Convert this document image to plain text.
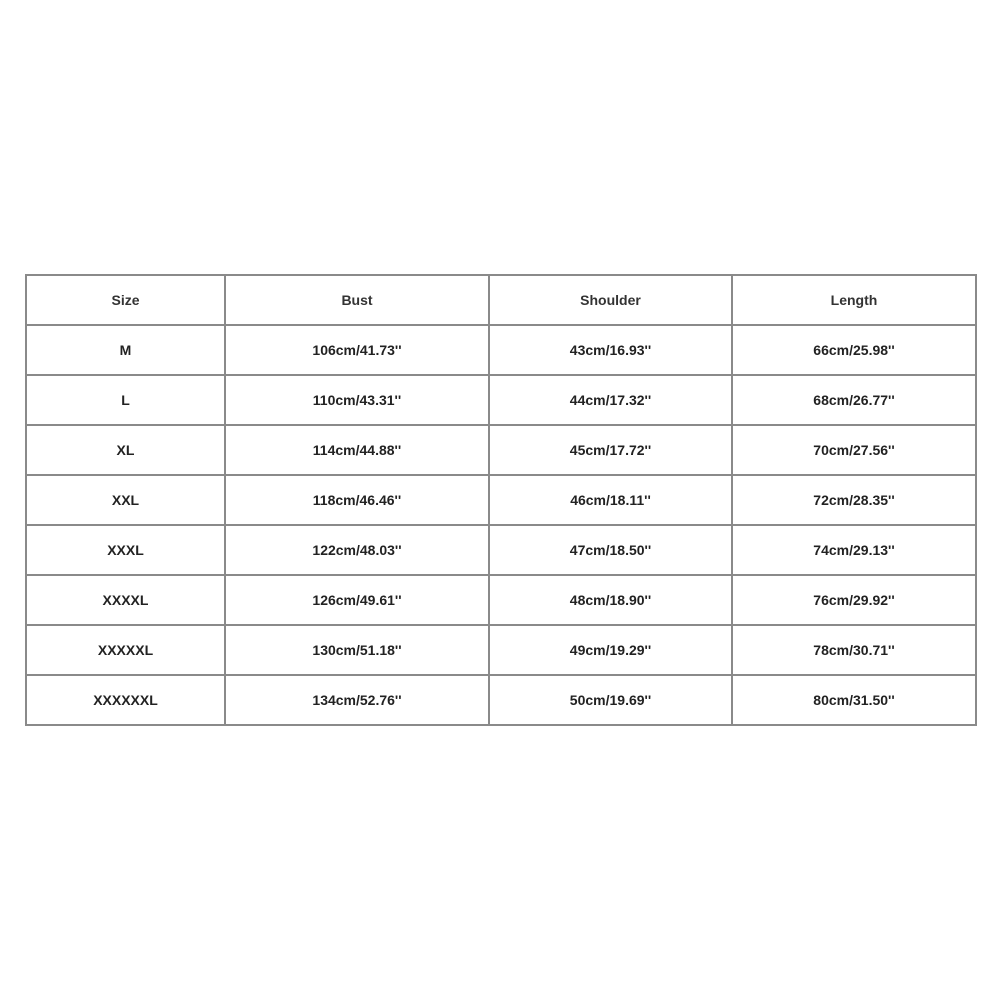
Size	Bust	Shoulder	Length
M	106cm/41.73''	43cm/16.93''	66cm/25.98''
L	110cm/43.31''	44cm/17.32''	68cm/26.77''
XL	114cm/44.88''	45cm/17.72''	70cm/27.56''
XXL	118cm/46.46''	46cm/18.11''	72cm/28.35''
XXXL	122cm/48.03''	47cm/18.50''	74cm/29.13''
XXXXL	126cm/49.61''	48cm/18.90''	76cm/29.92''
XXXXXL	130cm/51.18''	49cm/19.29''	78cm/30.71''
XXXXXXL	134cm/52.76''	50cm/19.69''	80cm/31.50''
